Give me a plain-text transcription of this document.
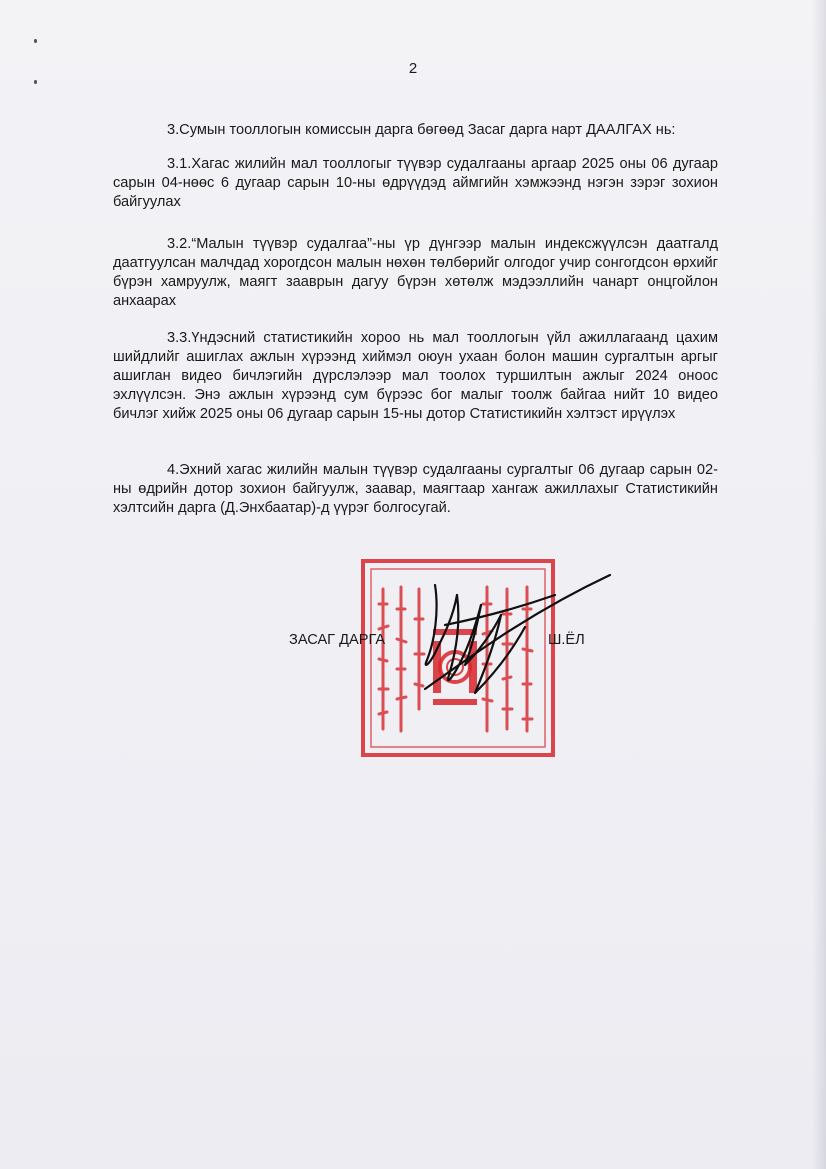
2
3.Сумын тооллогын комиссын дарга бөгөөд Засаг дарга нарт ДААЛГАХ нь:
3.1.Хагас жилийн мал тооллогыг түүвэр судалгааны аргаар 2025 оны 06 дугаар сарын 04-нөөс 6 дугаар сарын 10-ны өдрүүдэд аймгийн хэмжээнд нэгэн зэрэг зохион байгуулах
3.2.“Малын түүвэр судалгаа”-ны үр дүнгээр малын индексжүүлсэн даатгалд даатгуулсан малчдад хорогдсон малын нөхөн төлбөрийг олгодог учир сонгогдсон өрхийг бүрэн хамруулж, маягт зааврын дагуу бүрэн хөтөлж мэдээллийн чанарт онцгойлон анхаарах
3.3.Үндэсний статистикийн хороо нь мал тооллогын үйл ажиллагаанд цахим шийдлийг ашиглах ажлын хүрээнд хиймэл оюун ухаан болон машин сургалтын аргыг ашиглан видео бичлэгийн дүрслэлээр мал тоолох туршилтын ажлыг 2024 оноос эхлүүлсэн. Энэ ажлын хүрээнд сум бүрээс бог малыг тоолж байгаа нийт 10 видео бичлэг хийж 2025 оны 06 дугаар сарын 15-ны дотор Статистикийн хэлтэст ирүүлэх
4.Эхний хагас жилийн малын түүвэр судалгааны сургалтыг 06 дугаар сарын 02-ны өдрийн дотор зохион байгуулж, заавар, маягтаар хангаж ажиллахыг Статистикийн хэлтсийн дарга (Д.Энхбаатар)-д үүрэг болгосугай.
ЗАСАГ ДАРГА	Ш.ЁЛ
